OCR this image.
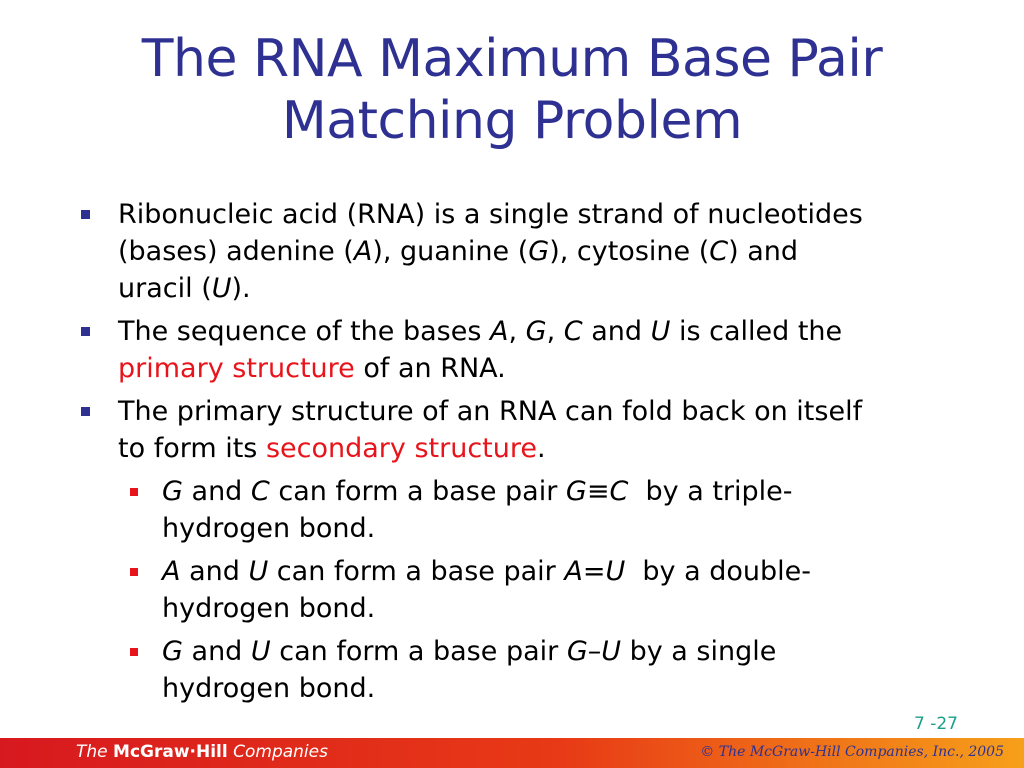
The RNA Maximum Base Pair
Matching Problem
Ribonucleic acid (RNA) is a single strand of nucleotides
(bases) adenine (A), guanine (G), cytosine (C) and
uracil (U).
The sequence of the bases A, G, C and U is called the
primary structure of an RNA.
The primary structure of an RNA can fold back on itself
to form its secondary structure.
G and C can form a base pair G≡C  by a triple-
hydrogen bond.
A and U can form a base pair A=U  by a double-
hydrogen bond.
G and U can form a base pair G–U by a single
hydrogen bond.
7 -27
The McGraw·Hill Companies	© The McGraw-Hill Companies, Inc., 2005
